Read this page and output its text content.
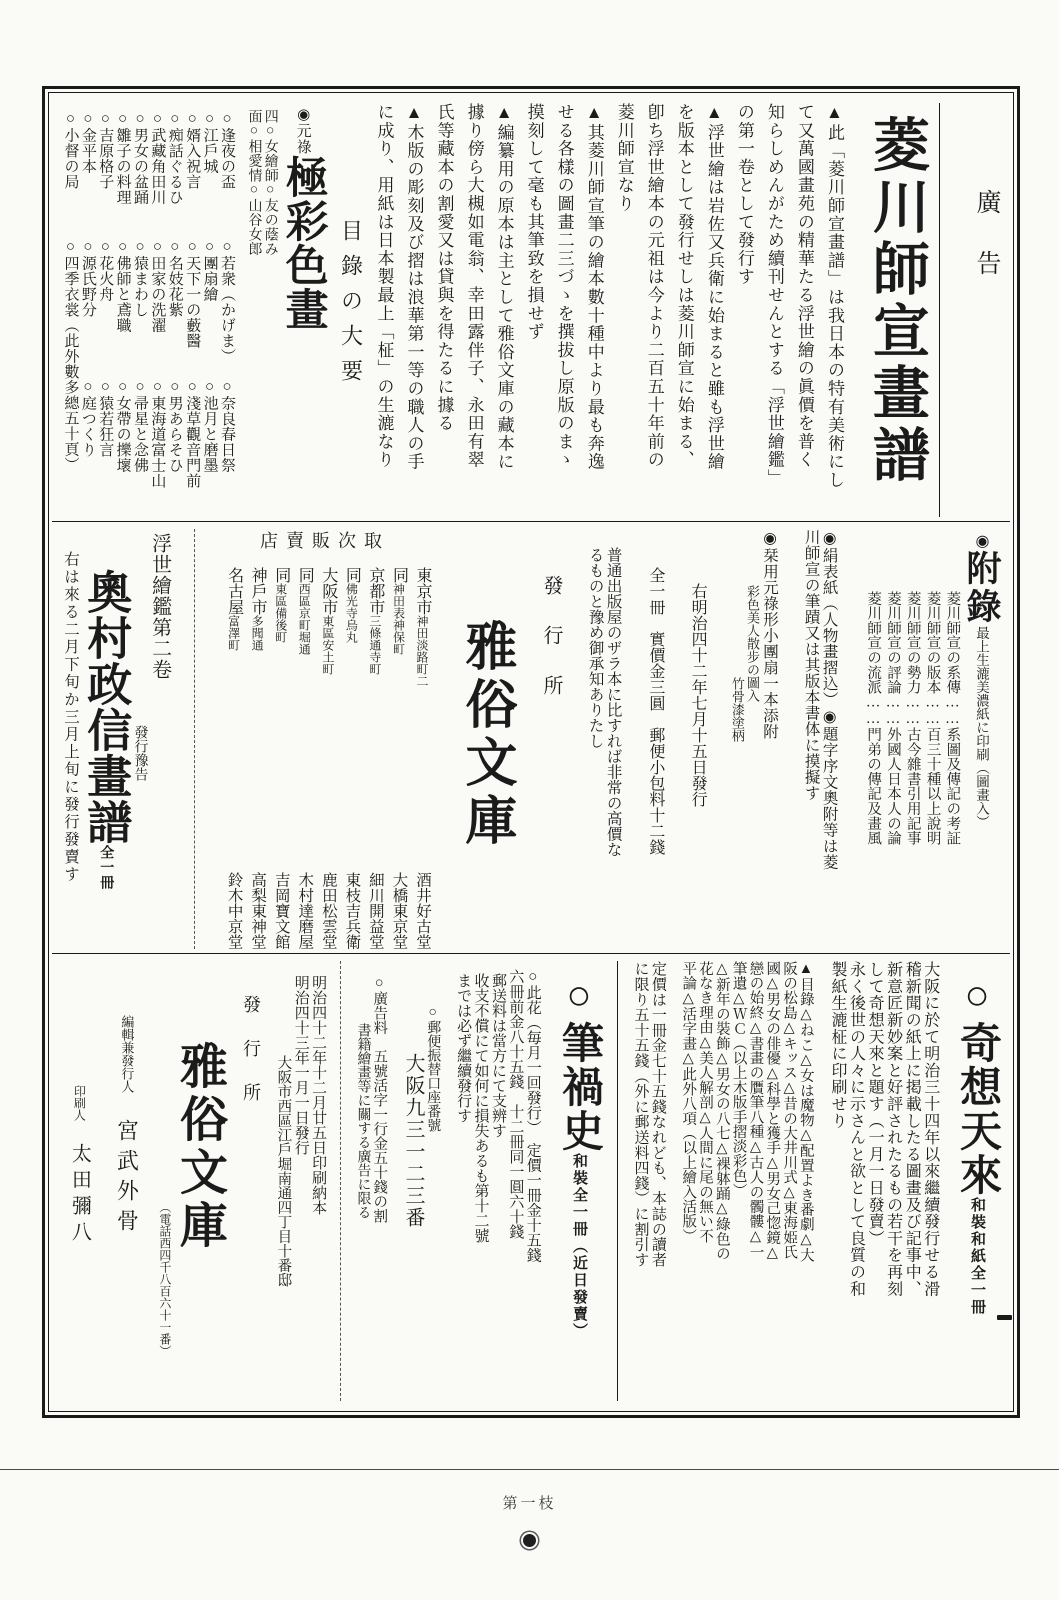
廣告
菱川師宣畫譜
▲此「菱川師宣畫譜」は我日本の特有美術にし
て又萬國畫苑の精華たる浮世繪の眞價を普く
知らしめんがため續刊せんとする「浮世繪鑑」
の第一卷として發行す
▲浮世繪は岩佐又兵衛に始まると雖も浮世繪
を版本として發行せしは菱川師宣に始まる、
卽ち浮世繪本の元祖は今より二百五十年前の
菱川師宣なり
▲其菱川師宣筆の繪本數十種中より最も奔逸
せる各樣の圖畫二三づゝを撰拔し原版のまゝ
摸刻して毫も其筆致を損せず
▲編纂用の原本は主として雅俗文庫の藏本に
據り傍ら大槻如電翁、幸田露伴子、永田有翠
氏等藏本の割愛又は貸與を得たるに據る
▲木版の彫刻及び摺は浪華第一等の職人の手
に成り、用紙は日本製最上「柾」の生漉なり
目錄の大要
◉元祿極彩色畫
四○女繪師○友の蔭み
面○相愛情○山谷女郎
○逢夜の盃○若衆（かげま）○奈良春日祭
○江戶城○團扇繪○池月と磨墨
○婿入祝言○天下一の藪醫○淺草觀音門前
○痴話ぐるひ○名妓花紫○男あらそひ
○武藏角田川○田家の洗濯○東海道富士山
○男女の盆踊○猿まわし○帚星と念佛
○雛子の料理○佛師と鳶職○女帶の擽壞
○吉原格子○花火舟○猿若狂言
○金平本○源氏野分○庭つくり
○小督の局○四季衣裳（此外數多總五十頁）
◉附錄最上生漉美濃紙に印刷（圖畫入）
菱川師宣の系傳……系圖及傳記の考証
菱川師宣の版本……百三十種以上說明
菱川師宣の勢力……古今雜書引用記事
菱川師宣の評論……外國人日本人の論
菱川師宣の流派……門弟の傳記及畫風
◉絹表紙（人物畫摺込）◉題字序文奧附等は菱
川師宣の筆蹟又は其版本書体に摸擬す
◉栞用元祿形小團扇一本添附
彩色美人散步の圖入
竹骨漆塗柄
右明治四十二年七月十五日發行
全一冊　實價金三圓　郵便小包料十二錢
普通出版屋のザラ本に比すれば非常の高價な
るものと豫め御承知ありたし
發行所
雅俗文庫
取次販賣店
東京市神田淡路町二
酒井好古堂
同神田表神保町
大橋東京堂
京都市三條通寺町
細川開益堂
同佛光寺烏丸
東枝吉兵衛
大阪市東區安土町
鹿田松雲堂
同西區京町堀通
木村達磨屋
同東區備後町
吉岡寶文館
神戶市多聞通
高梨東神堂
名古屋富澤町
鈴木中京堂
浮世繪鑑第二卷
發行豫告
奧村政信畫譜全一冊
右は來る二月下旬か三月上旬に發行發賣す
○奇想天來和裝和紙全一冊
大阪に於て明治三十四年以來繼續發行せる滑
稽新聞の紙上に掲載したる圖畫及び記事中、
新意匠新妙案と好評されたるもの若干を再刻
して奇想天來と題す（一月一日發賣）
永く後世の人々に示さんと欲として良質の和
製紙生漉柾に印刷せり
▲目錄△ねこ△女は魔物△配置よき番劇△大
阪の松島△キッス△昔の大井川式△東海姫氏
國△男女の俳優△科學と獲手△男女己惚鏡△
戀の始終△書畫の贋筆八種△古人の髑髏△一
筆遺△ＷＣ（以上木版手摺淡彩色）
△新年の裝飾△男女の八七△裸躰踊△綠色の
花なき理由△美人解剖△人間に尾の無い不
平論△活字畫△此外八項（以上繪入活版）
定價は一冊金七十五錢なれども、本誌の讀者
に限り五十五錢（外に郵送料四錢）に割引す
○筆禍史和裝全一冊（近日發賣）
○此花（毎月一回發行）　定價一冊金十五錢
六冊前金八十五錢　十二冊同一圓六十錢
郵送料は當方にて支辨す
收支不償にて如何に損失あるも第十二號
までは必ず繼續發行す
○郵便振替口座番號
大阪九三一二三番
○廣告料　五號活字一行金五十錢の割
書籍繪畫等に關する廣告に限る
明治四十二年十二月廿五日印刷納本
明治四十三年一月一日發行
大阪市西區江戶堀南通四丁目十番邸
發行所
雅俗文庫
（電話西四千八百六十一番）
編輯兼發行人宮武外骨
印刷人太田彌八
第一枝
